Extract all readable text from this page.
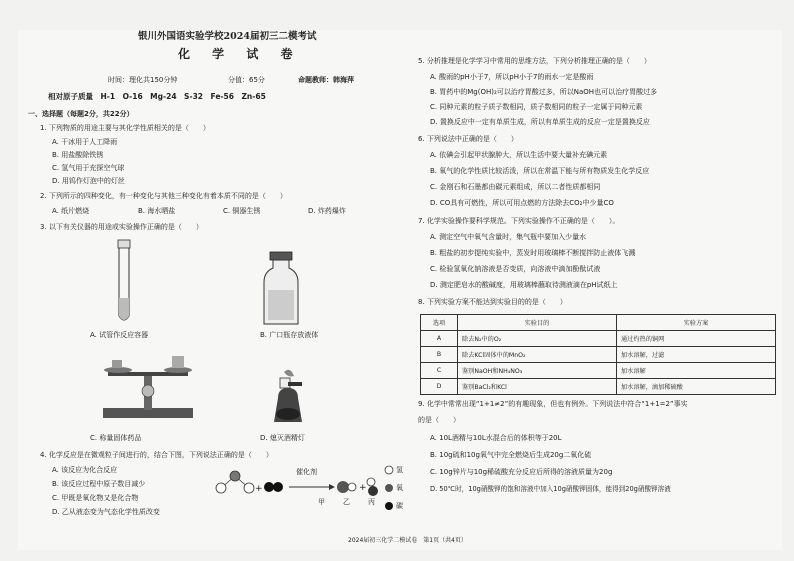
银川外国语实验学校2024届初三二模考试
化 学 试 卷
时间：理化共150分钟	分值：65分	命题教师：韩海萍
相对原子质量　H-1　O-16　Mg-24　S-32　Fe-56　Zn-65
一、选择题（每题2分，共22分）
1. 下列物质的用途主要与其化学性质相关的是（　　）
A. 干冰用于人工降雨
B. 用盐酸除铁锈
C. 氢气用于充探空气球
D. 用钨作灯泡中的灯丝
2. 下列所示的四种变化，有一种变化与其他三种变化有着本质不同的是（　　）
A. 纸片燃烧	B. 海水晒盐	C. 铜器生锈	D. 炸药爆炸
3. 以下有关仪器的用途或实验操作正确的是（　　）
A. 试管作反应容器	B. 广口瓶存放液体
C. 称量固体药品	D. 熄灭酒精灯
4. 化学反应是在微观粒子间进行的，结合下图，下列说法正确的是（　　）
A. 该反应为化合反应
B. 该反应过程中原子数目减少
C. 甲既是氧化物又是化合物
D. 乙从液态变为气态化学性质改变
+	+
催化剂
甲	乙	丙
氢
氧
碳
5. 分析推理是化学学习中常用的思维方法，下列分析推理正确的是（　　）
A. 酸雨的pH小于7，所以pH小于7的雨水一定是酸雨
B. 胃药中的Mg(OH)₂可以治疗胃酸过多，所以NaOH也可以治疗胃酸过多
C. 同种元素的粒子质子数相同，质子数相同的粒子一定属于同种元素
D. 置换反应中一定有单质生成，所以有单质生成的反应一定是置换反应
6. 下列说法中正确的是（　　）
A. 依碘会引起甲状腺肿大，所以生活中要大量补充碘元素
B. 氧气的化学性质比较活泼，所以在常温下能与所有物质发生化学反应
C. 金刚石和石墨都由碳元素组成，所以二者性质都相同
D. CO具有可燃性，所以可用点燃的方法除去CO₂中少量CO
7. 化学实验操作要科学规范。下列实验操作不正确的是（　　）。
A. 测定空气中氧气含量时，集气瓶中要加入少量水
B. 粗盐的初步提纯实验中，蒸发时用玻璃棒不断搅拌防止液体飞溅
C. 检验氢氧化钠溶液是否变质，向溶液中滴加酚酞试液
D. 测定肥皂水的酸碱度，用玻璃棒蘸取待测液滴在pH试纸上
8. 下列实验方案不能达到实验目的的是（　　）
选项	实验目的	实验方案
A	除去N₂中的O₂	通过灼热的铜网
B	除去KCl固体中的MnO₂	加水溶解，过滤
C	鉴别NaOH和NH₄NO₃	加水溶解
D	鉴别BaCl₂和KCl	加水溶解，滴加稀硫酸
9. 化学中常常出现“1+1≠2”的有趣现象，但也有例外。下列说法中符合“1+1=2”事实
的是（　　）
A. 10L酒精与10L水混合后的体积等于20L
B. 10g硫和10g氧气中完全燃烧后生成20g二氧化硫
C. 10g锌片与10g稀硫酸充分反应后所得的溶液质量为20g
D. 50℃时，10g硝酸钾的饱和溶液中加入10g硝酸钾固体，能得到20g硝酸钾溶液
2024届初三化学二模试卷　第1页（共4页）
